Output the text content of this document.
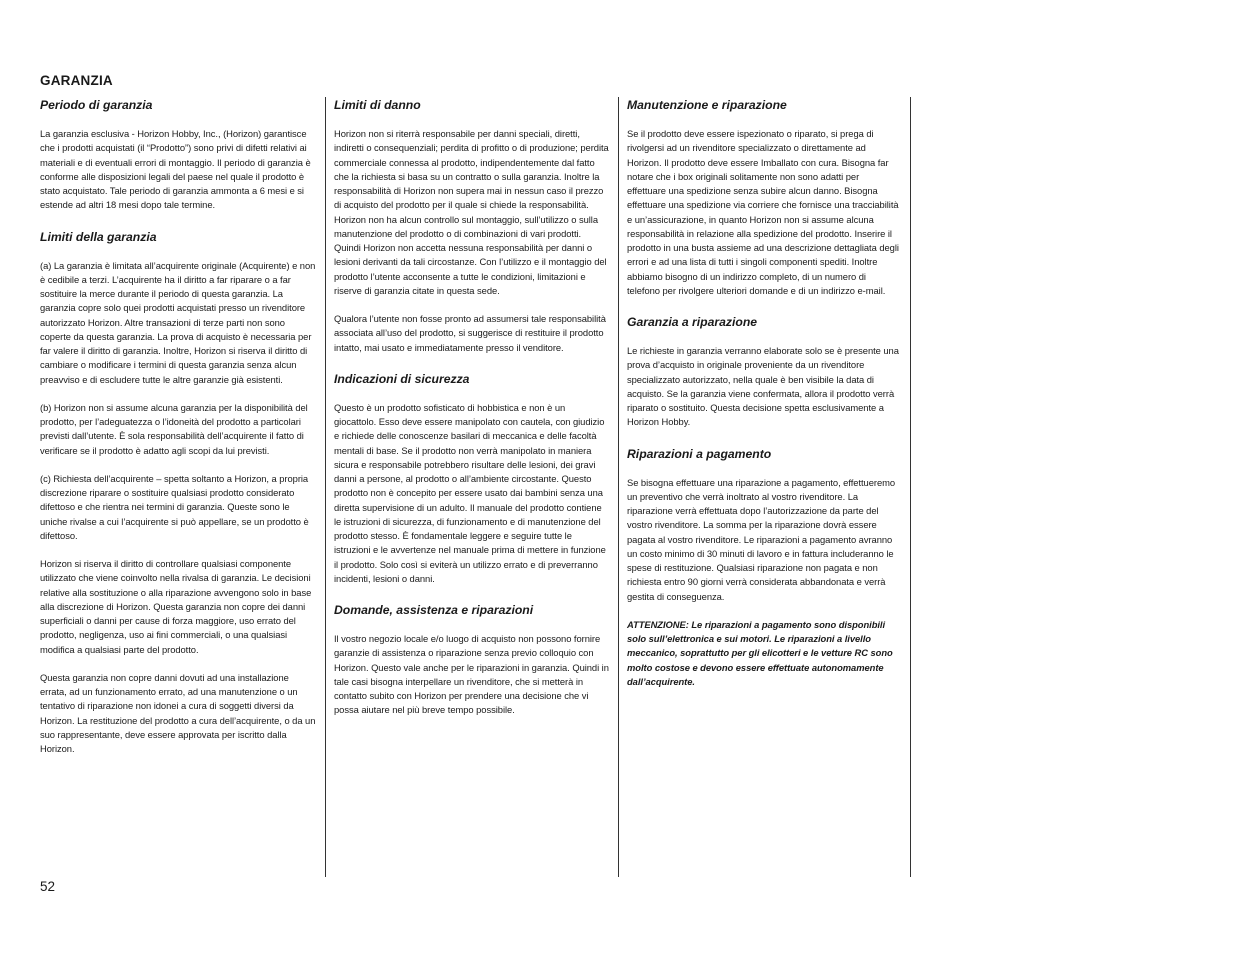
GARANZIA
Periodo di garanzia

La garanzia esclusiva - Horizon Hobby, Inc., (Horizon) garantisce che i prodotti acquistati (il “Prodotto”) sono privi di difetti relativi ai materiali e di eventuali errori di montaggio. Il periodo di garanzia è conforme alle disposizioni legali del paese nel quale il prodotto è stato acquistato. Tale periodo di garanzia ammonta a 6 mesi e si estende ad altri 18 mesi dopo tale termine.

Limiti della garanzia

(a) La garanzia è limitata all’acquirente originale (Acquirente) e non è cedibile a terzi. L’acquirente ha il diritto a far riparare o a far sostituire la merce durante il periodo di questa garanzia. La garanzia copre solo quei prodotti acquistati presso un rivenditore autorizzato Horizon. Altre transazioni di terze parti non sono coperte da questa garanzia. La prova di acquisto è necessaria per far valere il diritto di garanzia. Inoltre, Horizon si riserva il diritto di cambiare o modificare i termini di questa garanzia senza alcun preavviso e di escludere tutte le altre garanzie già esistenti.

(b) Horizon non si assume alcuna garanzia per la disponibilità del prodotto, per l’adeguatezza o l’idoneità del prodotto a particolari previsti dall’utente. È sola responsabilità dell’acquirente il fatto di verificare se il prodotto è adatto agli scopi da lui previsti.

(c) Richiesta dell’acquirente – spetta soltanto a Horizon, a propria discrezione riparare o sostituire qualsiasi prodotto considerato difettoso e che rientra nei termini di garanzia. Queste sono le uniche rivalse a cui l’acquirente si può appellare, se un prodotto è difettoso.

Horizon si riserva il diritto di controllare qualsiasi componente utilizzato che viene coinvolto nella rivalsa di garanzia. Le decisioni relative alla sostituzione o alla riparazione avvengono solo in base alla discrezione di Horizon. Questa garanzia non copre dei danni superficiali o danni per cause di forza maggiore, uso errato del prodotto, negligenza, uso ai fini commerciali, o una qualsiasi modifica a qualsiasi parte del prodotto.

Questa garanzia non copre danni dovuti ad una installazione errata, ad un funzionamento errato, ad una manutenzione o un tentativo di riparazione non idonei a cura di soggetti diversi da Horizon. La restituzione del prodotto a cura dell’acquirente, o da un suo rappresentante, deve essere approvata per iscritto dalla Horizon.

Limiti di danno

Horizon non si riterrà responsabile per danni speciali, diretti, indiretti o consequenziali; perdita di profitto o di produzione; perdita commerciale connessa al prodotto, indipendentemente dal fatto che la richiesta si basa su un contratto o sulla garanzia. Inoltre la responsabilità di Horizon non supera mai in nessun caso il prezzo di acquisto del prodotto per il quale si chiede la responsabilità. Horizon non ha alcun controllo sul montaggio, sull’utilizzo o sulla manutenzione del prodotto o di combinazioni di vari prodotti. Quindi Horizon non accetta nessuna responsabilità per danni o lesioni derivanti da tali circostanze. Con l’utilizzo e il montaggio del prodotto l’utente acconsente a tutte le condizioni, limitazioni e riserve di garanzia citate in questa sede.

Qualora l’utente non fosse pronto ad assumersi tale responsabilità associata all’uso del prodotto, si suggerisce di restituire il prodotto intatto, mai usato e immediatamente presso il venditore.

Indicazioni di sicurezza

Questo è un prodotto sofisticato di hobbistica e non è un giocattolo. Esso deve essere manipolato con cautela, con giudizio e richiede delle conoscenze basilari di meccanica e delle facoltà mentali di base. Se il prodotto non verrà manipolato in maniera sicura e responsabile potrebbero risultare delle lesioni, dei gravi danni a persone, al prodotto o all’ambiente circostante. Questo prodotto non è concepito per essere usato dai bambini senza una diretta supervisione di un adulto. Il manuale del prodotto contiene le istruzioni di sicurezza, di funzionamento e di manutenzione del prodotto stesso. È fondamentale leggere e seguire tutte le istruzioni e le avvertenze nel manuale prima di mettere in funzione il prodotto. Solo così si eviterà un utilizzo errato e di preverranno incidenti, lesioni o danni.

Domande, assistenza e riparazioni

Il vostro negozio locale e/o luogo di acquisto non possono fornire garanzie di assistenza o riparazione senza previo colloquio con Horizon. Questo vale anche per le riparazioni in garanzia. Quindi in tale casi bisogna interpellare un rivenditore, che si metterà in contatto subito con Horizon per prendere una decisione che vi possa aiutare nel più breve tempo possibile.

Manutenzione e riparazione

Se il prodotto deve essere ispezionato o riparato, si prega di rivolgersi ad un rivenditore specializzato o direttamente ad Horizon. Il prodotto deve essere Imballato con cura. Bisogna far notare che i box originali solitamente non sono adatti per effettuare una spedizione senza subire alcun danno. Bisogna effettuare una spedizione via corriere che fornisce una tracciabilità e un’assicurazione, in quanto Horizon non si assume alcuna responsabilità in relazione alla spedizione del prodotto. Inserire il prodotto in una busta assieme ad una descrizione dettagliata degli errori e ad una lista di tutti i singoli componenti spediti. Inoltre abbiamo bisogno di un indirizzo completo, di un numero di telefono per rivolgere ulteriori domande e di un indirizzo e-mail.

Garanzia a riparazione

Le richieste in garanzia verranno elaborate solo se è presente una prova d’acquisto in originale proveniente da un rivenditore specializzato autorizzato, nella quale è ben visibile la data di acquisto. Se la garanzia viene confermata, allora il prodotto verrà riparato o sostituito. Questa decisione spetta esclusivamente a Horizon Hobby.

Riparazioni a pagamento

Se bisogna effettuare una riparazione a pagamento, effettueremo un preventivo che verrà inoltrato al vostro rivenditore. La riparazione verrà effettuata dopo l’autorizzazione da parte del vostro rivenditore. La somma per la riparazione dovrà essere pagata al vostro rivenditore. Le riparazioni a pagamento avranno un costo minimo di 30 minuti di lavoro e in fattura includeranno le spese di restituzione. Qualsiasi riparazione non pagata e non richiesta entro 90 giorni verrà considerata abbandonata e verrà gestita di conseguenza.

ATTENZIONE: Le riparazioni a pagamento sono disponibili solo sull’elettronica e sui motori. Le riparazioni a livello meccanico, soprattutto per gli elicotteri e le vetture RC sono molto costose e devono essere effettuate autonomamente dall’acquirente.

52
